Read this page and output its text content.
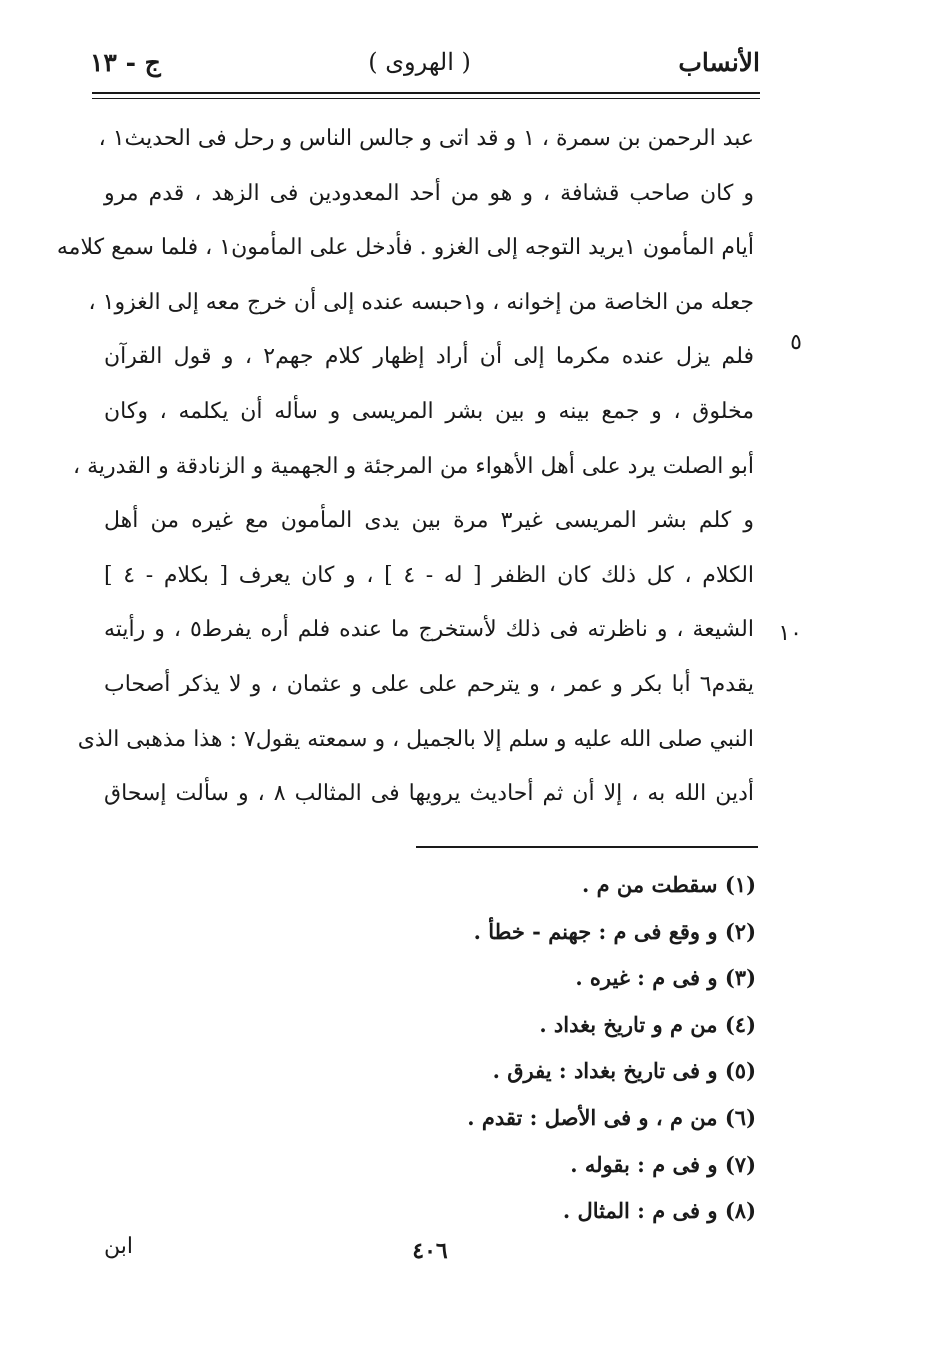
الأنساب
( الهروى )
ج - ١٣
عبد الرحمن بن سمرة ، ١ و قد اتى و جالس الناس و رحل فى الحديث١ ،
و كان صاحب قشافة ، و هو من أحد المعدودين فى الزهد ، قدم مرو
أيام المأمون ١يريد التوجه إلى الغزو . فأدخل على المأمون١ ، فلما سمع كلامه
جعله من الخاصة من إخوانه ، و١حبسه عنده إلى أن خرج معه إلى الغزو١ ،
فلم يزل عنده مكرما إلى أن أراد إظهار كلام جهم٢ ، و قول القرآن
مخلوق ، و جمع بينه و بين بشر المريسى و سأله أن يكلمه ، وكان
أبو الصلت يرد على أهل الأهواء من المرجئة و الجهمية و الزنادقة و القدرية ،
و كلم بشر المريسى غير٣ مرة بين يدى المأمون مع غيره من أهل
الكلام ، كل ذلك كان الظفر [ له - ٤ ] ، و كان يعرف [ بكلام - ٤ ]
الشيعة ، و ناظرته فى ذلك لأستخرج ما عنده فلم أره يفرط٥ ، و رأيته
يقدم٦ أبا بكر و عمر ، و يترحم على على و عثمان ، و لا يذكر أصحاب
النبي صلى الله عليه و سلم إلا بالجميل ، و سمعته يقول٧ : هذا مذهبى الذى
أدين الله به ، إلا أن ثم أحاديث يرويها فى المثالب ٨ ، و سألت إسحاق
٥
١٠
(١) سقطت من م .
(٢) و وقع فى م : جهنم - خطأ .
(٣) و فى م : غيره .
(٤) من م و تاريخ بغداد .
(٥) و فى تاريخ بغداد : يفرق .
(٦) من م ، و فى الأصل : تقدم .
(٧) و فى م : بقوله .
(٨) و فى م : المثال .
٤٠٦
ابن
